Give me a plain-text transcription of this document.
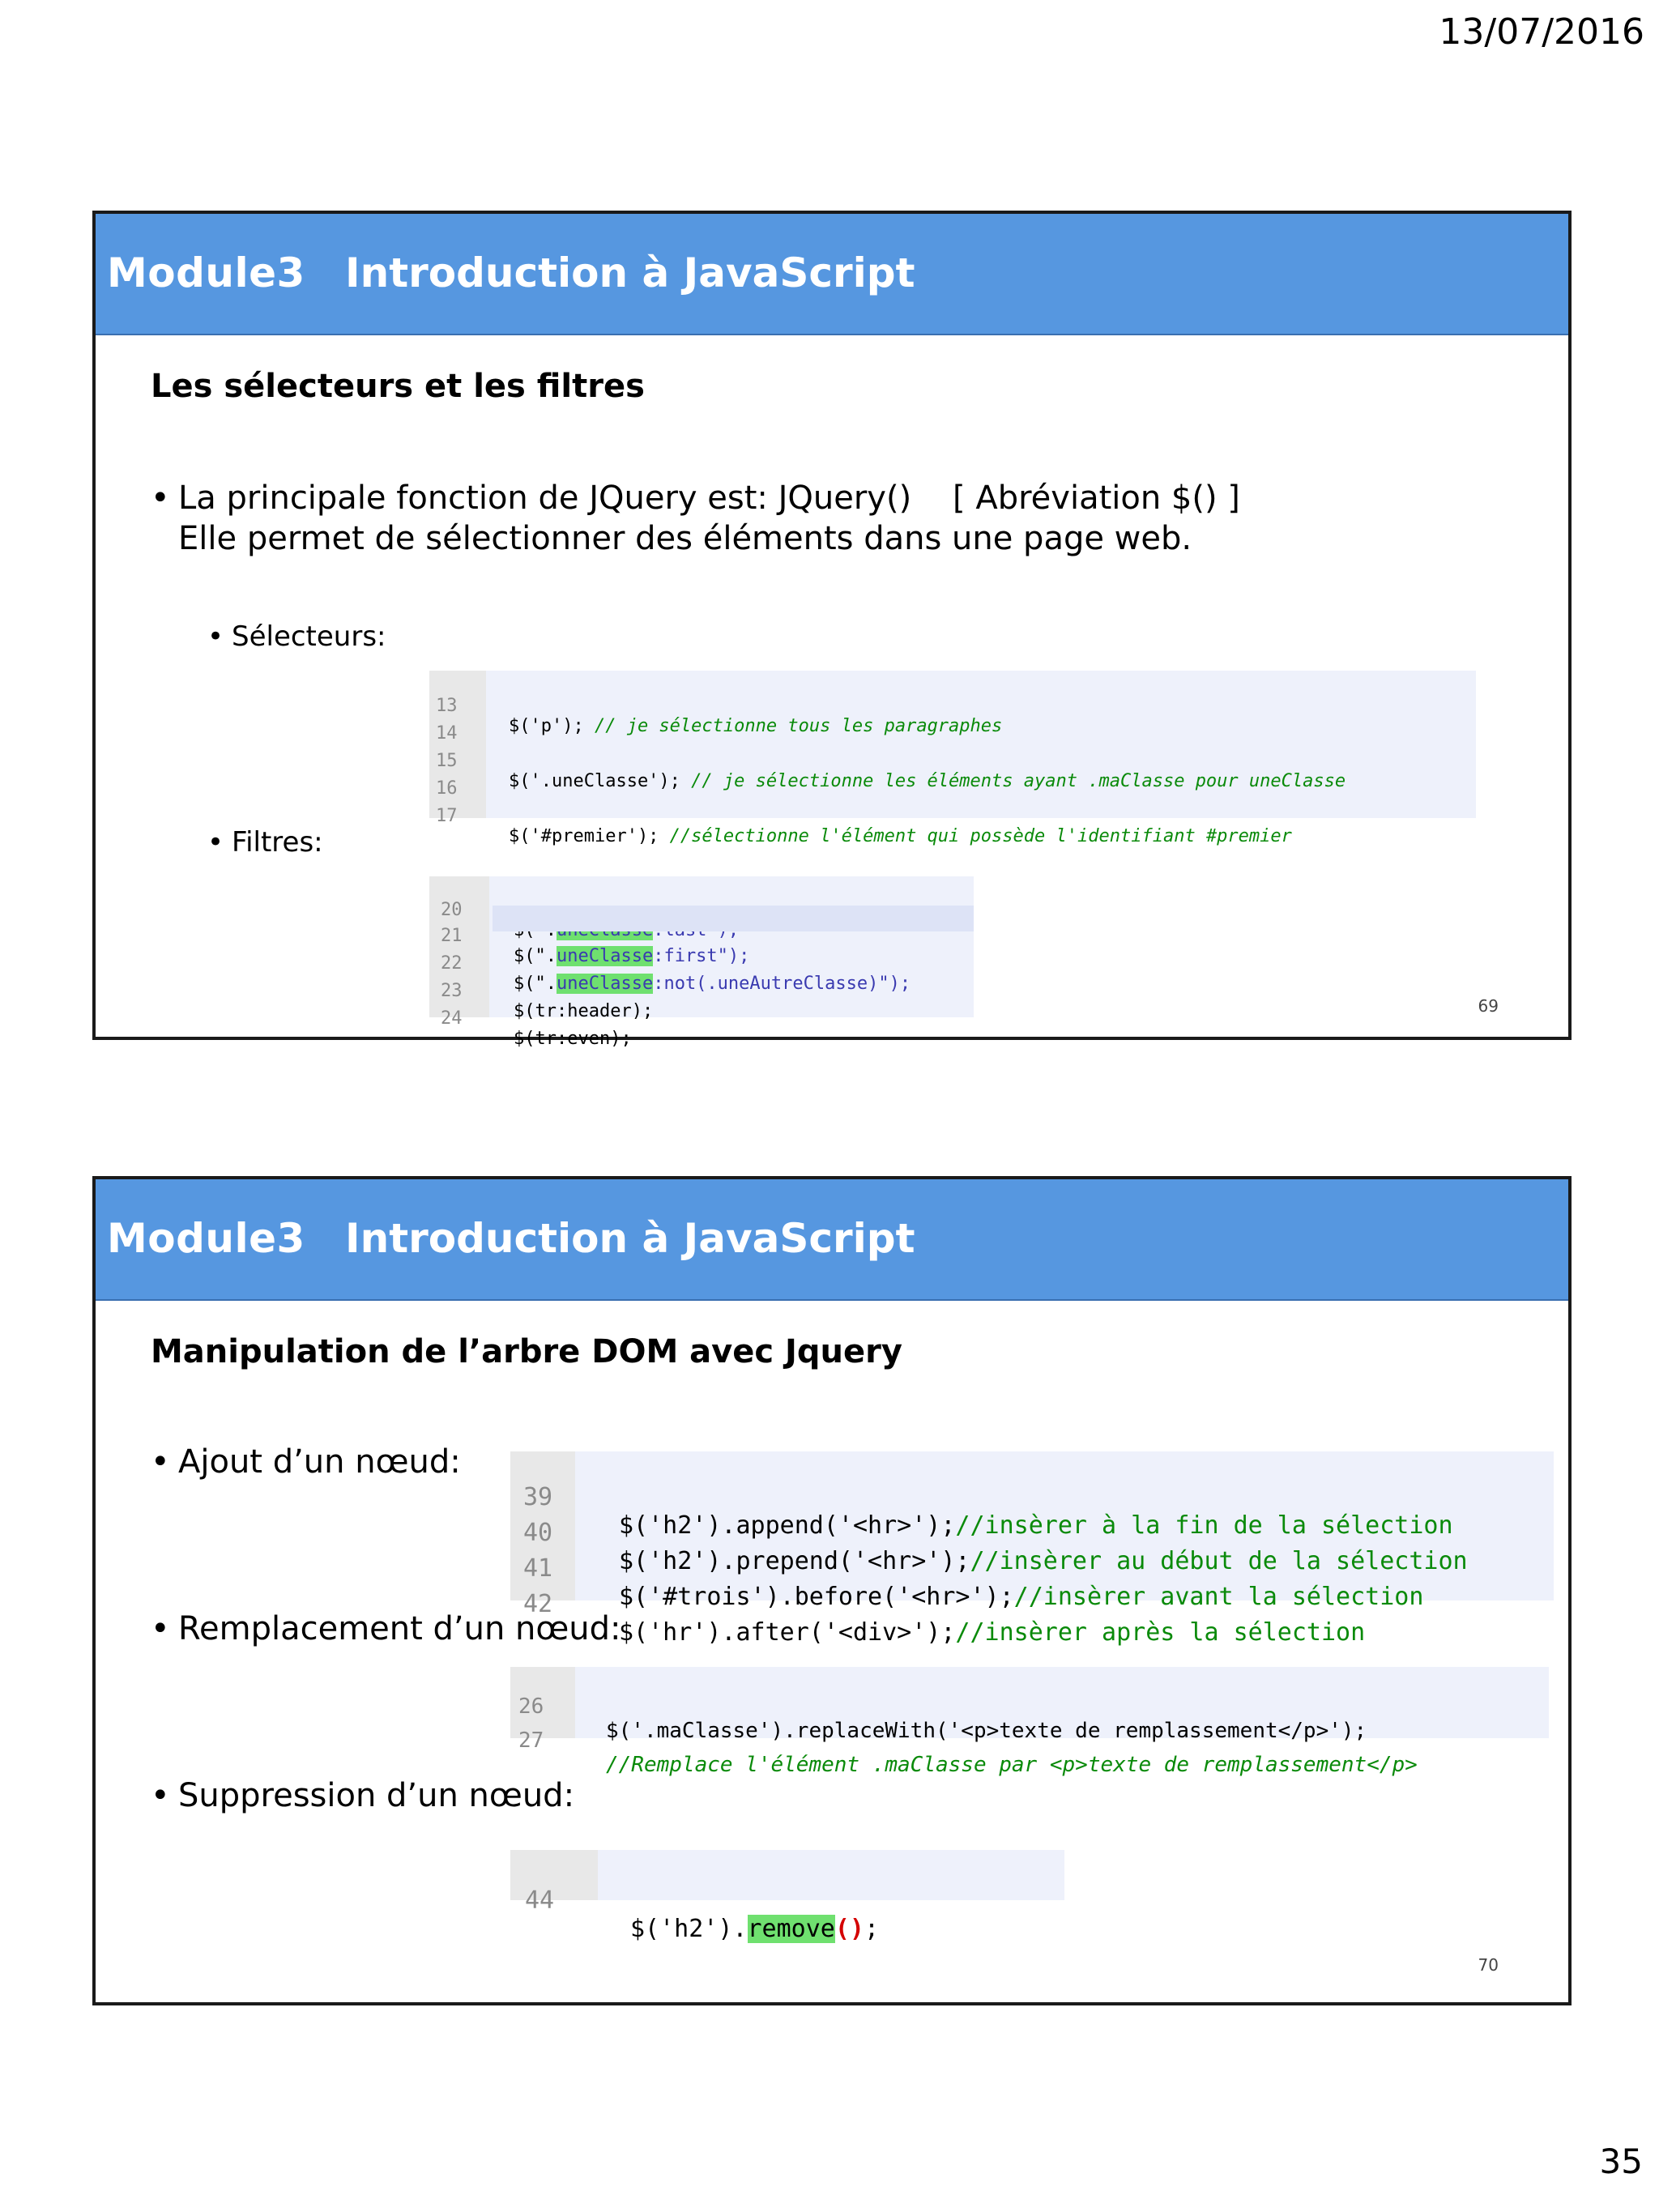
13/07/2016
Module3 Introduction à JavaScript
Les sélecteurs et les filtres
• La principale fonction de JQuery est: JQuery()    [ Abréviation $() ]
Elle permet de sélectionner des éléments dans une page web.
• Sélecteurs:

13

$('p'); // je sélectionne tous les paragraphes

14

15

$('.uneClasse'); // je sélectionne les éléments ayant .maClasse pour uneClasse

16

17

$('#premier'); //sélectionne l'élément qui possède l'identifiant #premier

• Filtres:

20

21

$(".uneClasse:first");

22

$(".uneClasse:not(.uneAutreClasse)");

23

$(tr:header);

24

$(tr:even);

69
Module3 Introduction à JavaScript
Manipulation de l’arbre DOM avec Jquery
• Ajout d’un nœud:

39

$('h2').append('<hr>');//insèrer à la fin de la sélection

40

$('h2').prepend('<hr>');//insèrer au début de la sélection

41

$('#trois').before('<hr>');//insèrer avant la sélection

42

$('hr').after('<div>');//insèrer après la sélection

• Remplacement d’un nœud:

26

$('.maClasse').replaceWith('<p>texte de remplassement</p>');

27

//Remplace l'élément .maClasse par <p>texte de remplassement</p>

• Suppression d’un nœud:

44

$('h2').remove();

70
35
